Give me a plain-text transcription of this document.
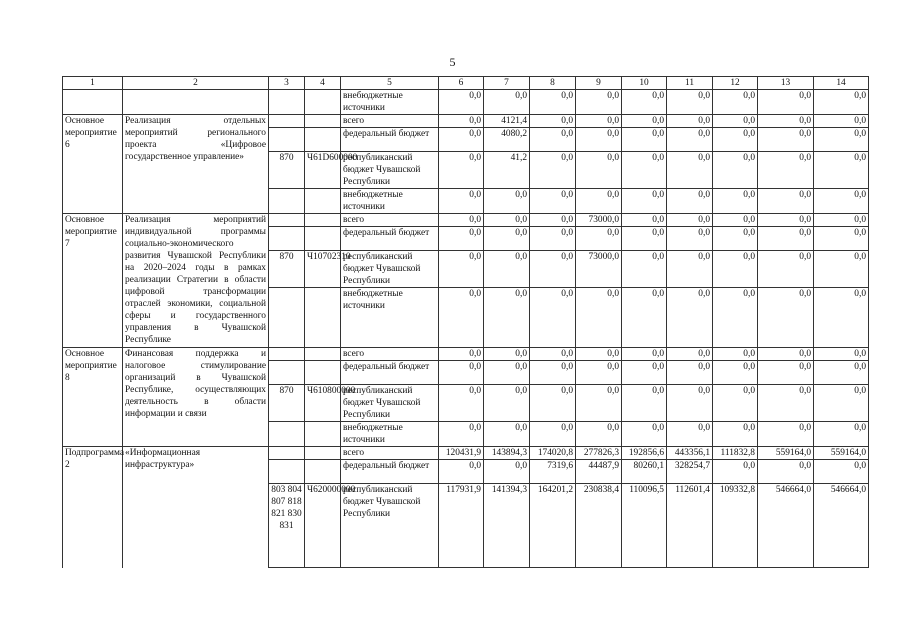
5
1	2	3	4	5	6	7	8	9	10	11	12	13	14
				внебюджетные источники	0,0	0,0	0,0	0,0	0,0	0,0	0,0	0,0	0,0
Основное мероприятие 6	Реализация отдельных мероприятий регионального проекта «Цифровое государственное управление»			всего	0,0	4121,4	0,0	0,0	0,0	0,0	0,0	0,0	0,0
				федеральный бюджет	0,0	4080,2	0,0	0,0	0,0	0,0	0,0	0,0	0,0
		870	Ч61D600000	республиканский бюджет Чувашской Республики	0,0	41,2	0,0	0,0	0,0	0,0	0,0	0,0	0,0
				внебюджетные источники	0,0	0,0	0,0	0,0	0,0	0,0	0,0	0,0	0,0
Основное мероприятие 7	Реализация мероприятий индивидуальной программы социально-экономического развития Чувашской Республики на 2020–2024 годы в рамках реализации Стратегии в области цифровой трансформации отраслей экономики, социальной сферы и государственного управления в Чувашской Республике			всего	0,0	0,0	0,0	73000,0	0,0	0,0	0,0	0,0	0,0
				федеральный бюджет	0,0	0,0	0,0	0,0	0,0	0,0	0,0	0,0	0,0
		870	Ч10702310	республиканский бюджет Чувашской Республики	0,0	0,0	0,0	73000,0	0,0	0,0	0,0	0,0	0,0
				внебюджетные источники	0,0	0,0	0,0	0,0	0,0	0,0	0,0	0,0	0,0
Основное мероприятие 8	Финансовая поддержка и налоговое стимулирование организаций в Чувашской Республике, осуществляющих деятельность в области информации и связи			всего	0,0	0,0	0,0	0,0	0,0	0,0	0,0	0,0	0,0
				федеральный бюджет	0,0	0,0	0,0	0,0	0,0	0,0	0,0	0,0	0,0
		870	Ч610800000	республиканский бюджет Чувашской Республики	0,0	0,0	0,0	0,0	0,0	0,0	0,0	0,0	0,0
				внебюджетные источники	0,0	0,0	0,0	0,0	0,0	0,0	0,0	0,0	0,0
Подпрограмма 2	«Информационная инфраструктура»			всего	120431,9	143894,3	174020,8	277826,3	192856,6	443356,1	111832,8	559164,0	559164,0
				федеральный бюджет	0,0	0,0	7319,6	44487,9	80260,1	328254,7	0,0	0,0	0,0
		803 804 807 818 821 830 831	Ч620000000	республиканский бюджет Чувашской Республики	117931,9	141394,3	164201,2	230838,4	110096,5	112601,4	109332,8	546664,0	546664,0
